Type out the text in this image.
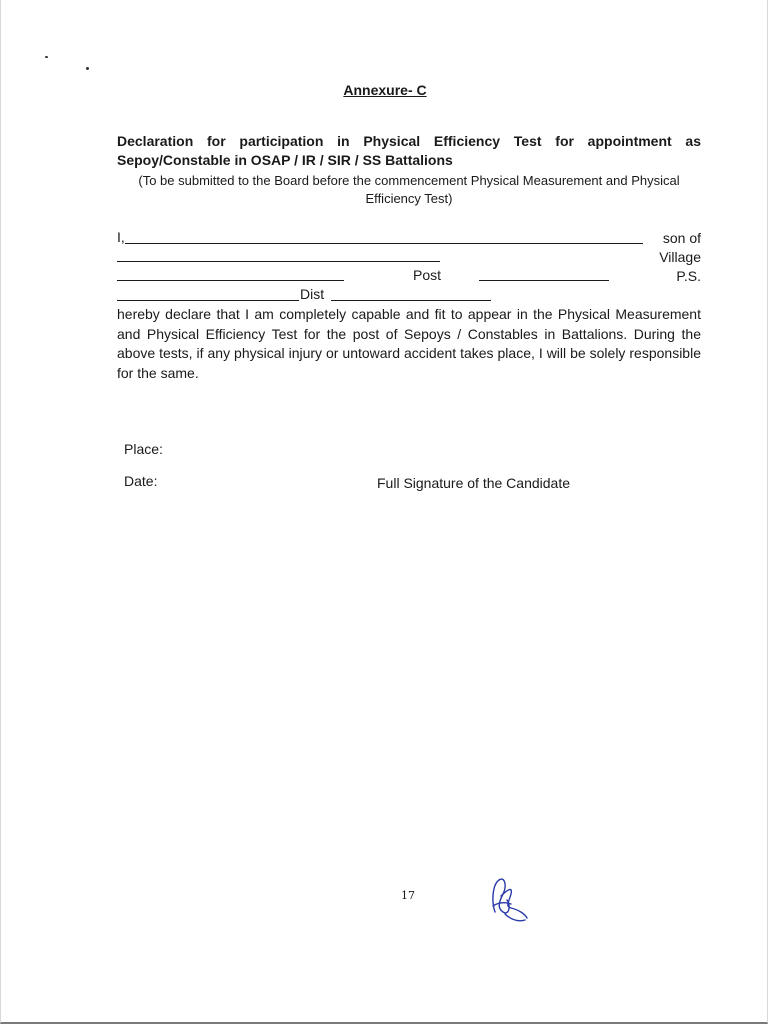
Annexure- C
Declaration for participation in Physical Efficiency Test for appointment as Sepoy/Constable in OSAP / IR / SIR / SS Battalions
(To be submitted to the Board before the commencement Physical Measurement and Physical Efficiency Test)
I,	son of
Village
Post	P.S.
Dist
hereby declare that I am completely capable and fit to appear in the Physical Measurement and Physical Efficiency Test for the post of Sepoys / Constables in Battalions. During the above tests, if any physical injury or untoward accident takes place, I will be solely responsible for the same.
Place:
Date:	Full Signature of the Candidate
17
